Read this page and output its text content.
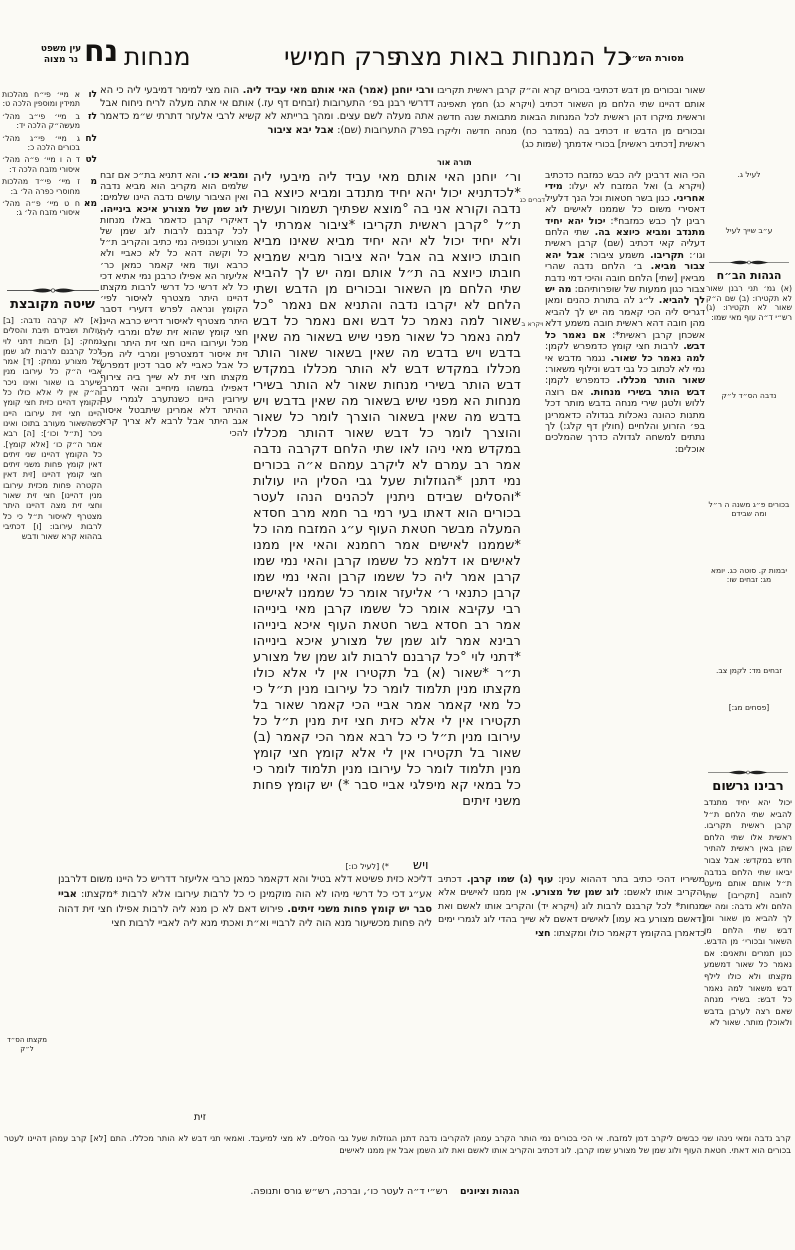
עין משפט
נר מצוה נח מנחות	פרק חמישי
כל המנחות באות מצה
מסורת הש״ס
לו
א מיי׳ פי״ח מהלכות תמידין ומוספין הלכה ט:
לז
ב מיי׳ פי״ב מהל׳ מעשה״ק הלכה יד:
לח
ג מיי׳ פי״ג מהל׳ בכורים הלכה כ:
לט
ד ה ו מיי׳ פ״ה מהל׳ איסורי מזבח הלכה ד:
מ
ז מיי׳ פי״ד מהלכות מחוסרי כפרה הל׳ ב:
מא
ח ט מיי׳ פ״ה מהל׳ איסורי מזבח הל׳ ג:
ורבי יוחנן (אמר) האי אותם מאי עביד ליה. הוה מצי למימר דמיבעי ליה כי הא דדרשי רבנן בפ׳ התערובות (זבחים דף עז.) אותם אי אתה מעלה לריח ניחוח אבל אתה מעלה לשם עצים. ומהך ברייתא לא קשיא לרבי אלעזר דתרתי ש״מ כדאמר בפרק התערובות (שם): אבל יבא ציבור
שאור ובכורים מן דבש דכתיבי בכורים קרא וה״ק קרבן ראשית תקריבו אותם דהיינו שתי הלחם מן השאור דכתיב (ויקרא כג) חמץ תאפינה וראשית מיקרו דהן ראשית לכל המנחות הבאות מתבואת שנה חדשה ובכורים מן הדבש זו דכתיב בה (במדבר כח) מנחה חדשה וליקרו ראשית [דכתיב ראשית] בכורי אדמתך (שמות כג)
תורה אור
דברים כג
ויקרא ב
ומביא כו׳. והא דתניא בת״כ אם זבח שלמים הוא מקריב הוא מביא נדבה ואין הציבור עושים נדבה היינו שלמים: לוג שמן של מצורע איכא בינייהו. דאיקרי קרבן כדאמר באלו מנחות לכל קרבנם לרבות לוג שמן של מצורע וכנופיה נמי כתיב והקריב ת״ל כל וקשה דהא כל לא כאביי ולא כרבא ועוד מאי קאמר כמאן כר׳ אליעזר הא אפילו כרבנן נמי אתיא דכי כל לא דרשי כל דרשי לרבות מקצתו דהיינו היתר מצטרף לאיסור לפי׳ הקומץ ונראה לפרש דזעירי דסבר היתר מצטרף לאיסור דריש כרבא היינו חצי קומץ שהוא זית שלם ומרבי ליה מכל ועירובו היינו חצי זית היתר וחצי זית איסור דמצטרפין ומרבי ליה מכי כל אבל כאביי לא סבר דכיון דמפרש מקצתו חצי זית לא שייך ביה צירוף דאפילו במשהו מיחייב והאי דמרבי עירובין היינו כשנתערב לגמרי עם ההיתר דלא אמרינן שיתבטל איסור אגב היתר אבל לרבא לא צריך קרא להכי
ור׳ יוחנן האי אותם מאי עביד ליה מיבעי ליה *לכדתניא יכול יהא יחיד מתנדב ומביא כיוצא בה נדבה וקורא אני בה °מוצא שפתיך תשמור ועשית ת״ל °קרבן ראשית תקריבו *ציבור אמרתי לך ולא יחיד יכול לא יהא יחיד מביא שאינו מביא חובתו כיוצא בה אבל יהא ציבור מביא שמביא חובתו כיוצא בה ת״ל אותם ומה יש לך להביא שתי הלחם מן השאור ובכורים מן הדבש ושתי הלחם לא יקרבו נדבה והתניא אם נאמר °כל שאור למה נאמר כל דבש ואם נאמר כל דבש למה נאמר כל שאור מפני שיש בשאור מה שאין בדבש ויש בדבש מה שאין בשאור שאור הותר מכללו במקדש דבש לא הותר מכללו במקדש דבש הותר בשירי מנחות שאור לא הותר בשירי מנחות הא מפני שיש בשאור מה שאין בדבש ויש בדבש מה שאין בשאור הוצרך לומר כל שאור והוצרך לומר כל דבש שאור דהותר מכללו במקדש מאי ניהו לאו שתי הלחם דקרבה נדבה אמר רב עמרם לא ליקרב עמהם א״ה בכורים נמי דתנן *הגוזלות שעל גבי הסלין היו עולות *והסלים שבידם ניתנין לכהנים הנהו לעטר בכורים הוא דאתו בעי רמי בר חמא מרב חסדא המעלה מבשר חטאת העוף ע״ג המזבח מהו כל *שממנו לאישים אמר רחמנא והאי אין ממנו לאישים או דלמא כל ששמו קרבן והאי נמי שמו קרבן אמר ליה כל ששמו קרבן והאי נמי שמו קרבן כתנאי ר׳ אליעזר אומר כל שממנו לאישים רבי עקיבא אומר כל ששמו קרבן מאי בינייהו אמר רב חסדא בשר חטאת העוף איכא בינייהו רבינא אמר לוג שמן של מצורע איכא בינייהו *דתני לוי °כל קרבנם לרבות לוג שמן של מצורע ת״ר *שאור (א) בל תקטירו אין לי אלא כולו מקצתו מנין תלמוד לומר כל עירובו מנין ת״ל כי כל מאי קאמר אמר אביי הכי קאמר שאור בל תקטירו אין לי אלא כזית חצי זית מנין ת״ל כל עירובו מנין ת״ל כי כל רבא אמר הכי קאמר (ב) שאור בל תקטירו אין לי אלא קומץ חצי קומץ מנין תלמוד לומר כל עירובו מנין תלמוד לומר כי כל במאי קא מיפלגי אביי סבר *) יש קומץ פחות משני זיתים
*) [לעיל כו:] ויש
הכי הוא דרבינן ליה כבש כמזבח כדכתיב (ויקרא ב) ואל המזבח לא יעלו: מידי אחריני. כגון בשר חטאות וכל הנך דלעיל דאסירי משום כל שממנו לאישים לא רבינן לך כבש כמזבח*: יכול יהא יחיד מתנדב ומביא כיוצא בה. שתי הלחם דעליה קאי דכתיב (שם) קרבן ראשית וגו׳: תקריבו. משמע ציבור: אבל יהא צבור מביא. ב׳ הלחם נדבה שהרי מביאין [שתי] הלחם חובה והיכי דמי נדבת צבור כגון ממעות של שופרותיהם: מה יש לך להביא. ל״ג לה בתורת כהנים ומאן דגריס ליה הכי קאמר מה יש לך להביא מהן חובה דהא ראשית חובה משמע דלא אשכחן קרבן ראשית*: אם נאמר כל דבש. לרבות חצי קומץ כדמפרש לקמן: למה נאמר כל שאור. נגמר מדבש אי נמי לא לכתוב כל גבי דבש ונילוף משאור: שאור הותר מכללו. כדמפרש לקמן: דבש הותר בשירי מנחות. אם רוצה ללוש ולטגן שירי מנחה בדבש מותר דכל מתנות כהונה נאכלות בגדולה כדאמרינן בפ׳ הזרוע והלחיים (חולין דף קלג:) לך נתתים למשחה לגדולה כדרך שהמלכים אוכלים:
שיטה מקובצת
[א] לא קרבה נדבה: [ב] עולות ושבידם תיבת והסלים נמחק: [ג] תיבות דתני לוי לכל קרבנם לרבות לוג שמן של מצורע נמחק: [ד] אמר אביי ה״ק כל עירובו מנין שיערב בו שאור ואינו ניכר וה״ק אין לי אלא כולו כל הקומץ דהיינו כזית חצי קומץ היינו חצי זית עירובו היינו כשהשאור מעורב בתוכו ואינו ניכר [ת״ל וכו׳]: [ה] רבא אמר ה״ק כו׳ [אלא קומץ]. כל הקומץ דהיינו שני זיתים דאין קומץ פחות משני זיתים חצי קומץ דהיינו [זית דאין הקטרה פחות מכזית עירובו מנין דהיינו] חצי זית שאור וחצי זית מצה דהיינו היתר מצטרף לאיסור ת״ל כי כל לרבות עירובו: [ו] דכתיבי בההוא קרא שאור ודבש
מקצתו הס״ד ל״ק
לעיל ג.
ע״ב שייך לעיל
נדבה הס״ד ל״ק
בכורים פ״ג משנה ה ר״ל ומה שבידם
יבמות ק. סוטה כג. יומא מג: זבחים שו:
זבחים מד: לקמן צב.
[פסחים מג:]
הגהות הב״ח
(א) גמ׳ תני רבנן שאור לא תקטירו: (ב) שם ה״ק שאור לא תקטירו: (ג) רש״י ד״ה עוף מאי שמו:
רבינו גרשום
יכול יהא יחיד מתנדב להביא שתי הלחם ת״ל קרבן ראשית תקריבו. ראשית אלו שתי הלחם שהן באין ראשית להתיר חדש במקדש: אבל צבור יביאו שתי הלחם בנדבה ת״ל אותם אותם מיעט לחובה [תקריבו] שתי הלחם ולא נדבה: ומה יש לך להביא מן שאור ומן דבש שתי הלחם מן השאור ובכורי׳ מן הדבש. כגון תמרים ותאנים: אם נאמר כל שאור דמשמע מקצתו ולא כולו לילף דבש משאור למה נאמר כל דבש: בשירי מנחה שאם רצה לערבן בדבש ולאוכלן מותר. שאור לא
דליכא כזית פשיטא דלא בטיל והא דקאמר כמאן כרבי אליעזר דדריש כל היינו משום דלרבנן אע״ג דכי כל דרשי מיהו לא הוה מוקמינן כי כל לרבות עירובו אלא לרבות *מקצתו: אביי סבר יש קומץ פחות משני זיתים. פירוש דאם לא כן מנא ליה לרבות אפילו חצי זית דהוה ליה פחות מכשיעור מנא הוה ליה לרבויי וא״ת ואכתי מנא ליה לאביי לרבות חצי
זית
משיריו דהכי כתיב בתר דההוא ענין: עוף (ג) שמו קרבן. דכתיב והקריב אותו לאשם: לוג שמן של מצורע. אין ממנו לאישים אלא מנחות* לכל קרבנם לרבות לוג (ויקרא יד) והקריב אותו לאשם ואת [דאשם מצורע בא עמו] לאישים דאשם לא שייך בהדי לוג לגמרי ימים כדאמרן בהקומץ דקאמר כולו ומקצתו: חצי
קרב נדבה ומאי נינהו שני כבשים ליקרב דמן למזבח. אי הכי בכורים נמי הותר הקרב עמהן להקריבו נדבה דתנן הגוזלות שעל גבי הסלים. לא מצי למיעבד. ואמאי תני דבש לא הותר מכללו. התם [לא] קרב עמהן דהיינו לעטר בכורים הוא דאתי. חטאת העוף ולוג שמן של מצורע שמו קרבן. לוג דכתיב והקריב אותו לאשם ואת לוג השמן אבל אין ממנו לאישים
הגהות וציונים    רש״י ד״ה לעטר כו׳, וברכה, רש״ש גורס ותנופה.
